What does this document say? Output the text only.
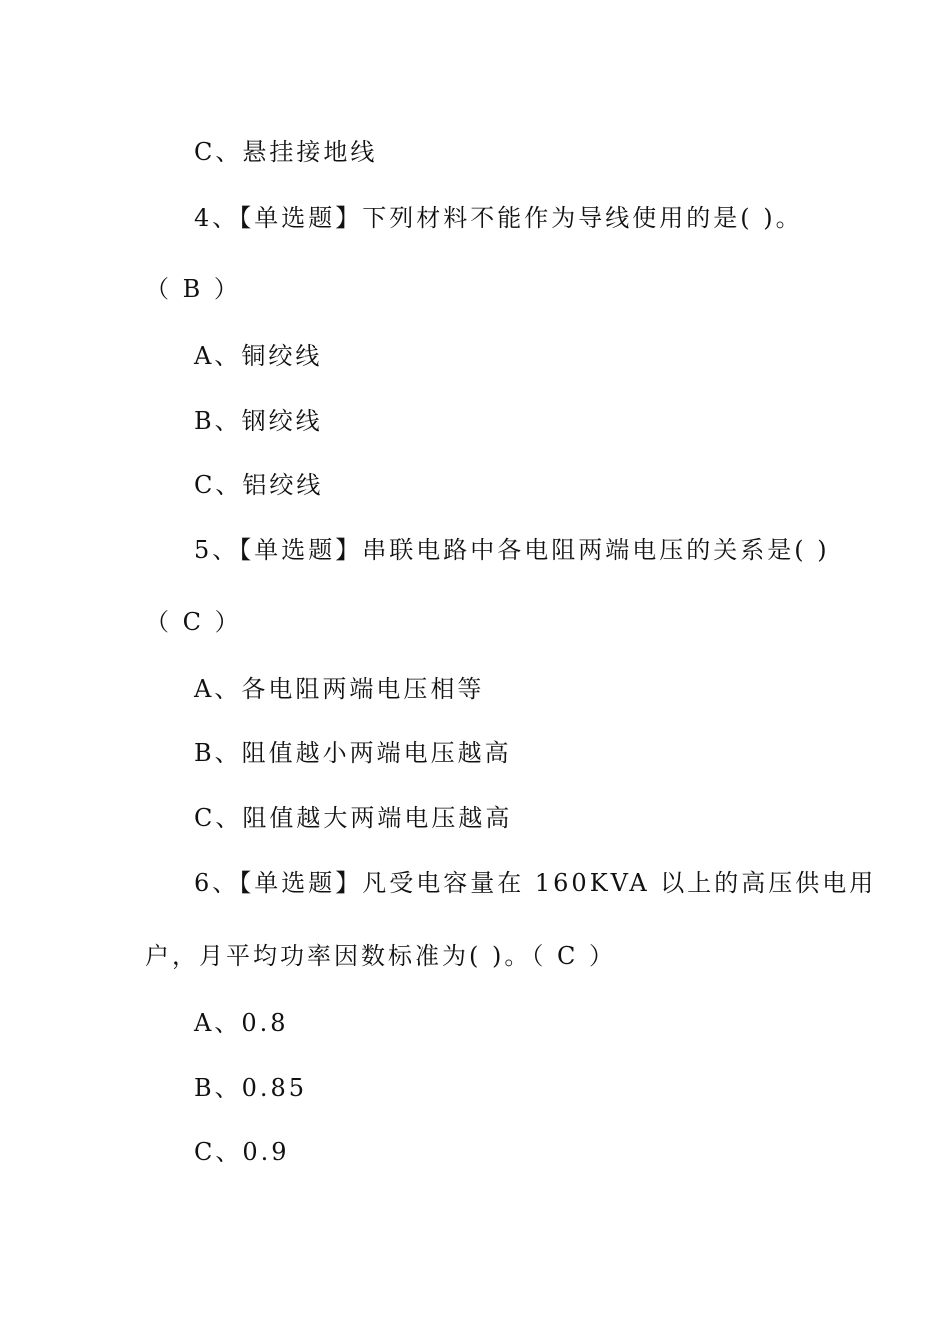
C、悬挂接地线
4、【单选题】下列材料不能作为导线使用的是( )。
（ B ）
A、铜绞线
B、钢绞线
C、铝绞线
5、【单选题】串联电路中各电阻两端电压的关系是( )
（ C ）
A、各电阻两端电压相等
B、阻值越小两端电压越高
C、阻值越大两端电压越高
6、【单选题】凡受电容量在 160KVA 以上的高压供电用
户，月平均功率因数标准为( )。（ C ）
A、0.8
B、0.85
C、0.9
